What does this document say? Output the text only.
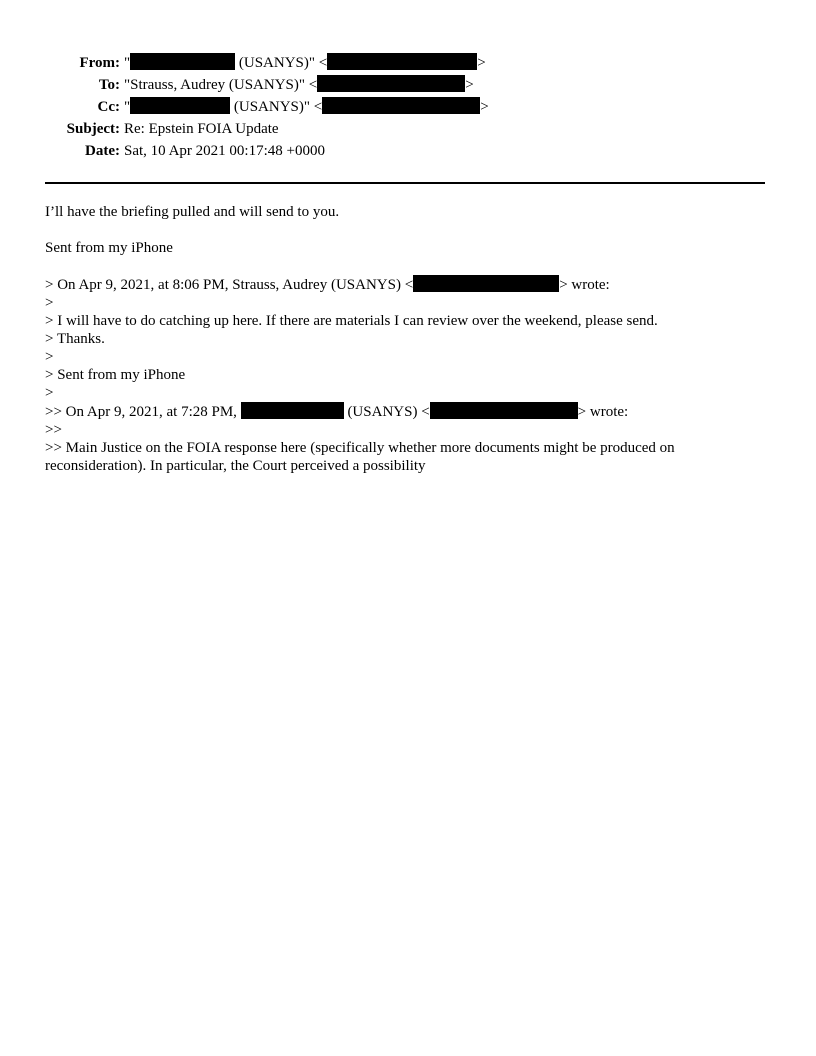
From: "	(USANYS)" <	>
To: "Strauss, Audrey (USANYS)" <	>
Cc: "	(USANYS)" <	>
Subject: Re: Epstein FOIA Update
Date: Sat, 10 Apr 2021 00:17:48 +0000
I’ll have the briefing pulled and will send to you.
Sent from my iPhone
> On Apr 9, 2021, at 8:06 PM, Strauss, Audrey (USANYS) <	> wrote:
>
> I will have to do catching up here. If there are materials I can review over the weekend, please send.
> Thanks.
>
> Sent from my iPhone
>
>> On Apr 9, 2021, at 7:28 PM,	(USANYS) <	> wrote:
>>
>> Main Justice on the FOIA response here (specifically whether more documents might be produced on reconsideration). In particular, the Court perceived a possibility
